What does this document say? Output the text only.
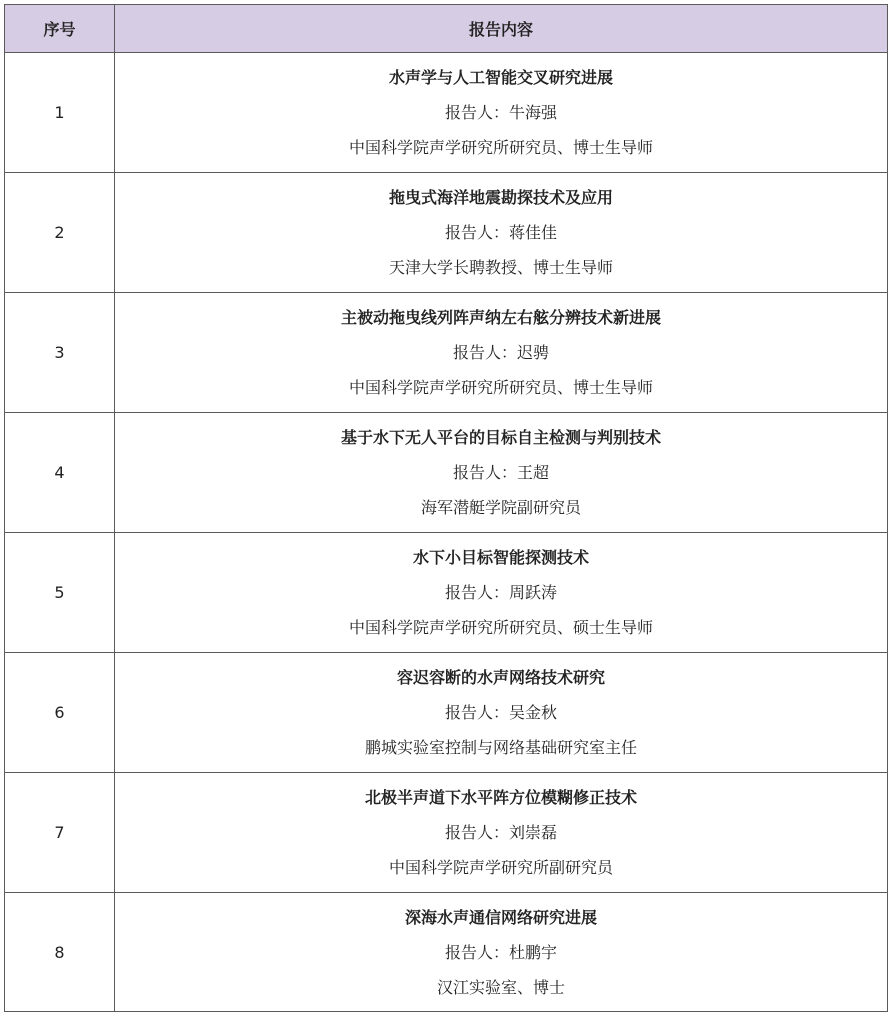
序号	报告内容
1	水声学与人工智能交叉研究进展
报告人：牛海强
中国科学院声学研究所研究员、博士生导师

2	拖曳式海洋地震勘探技术及应用
报告人：蒋佳佳
天津大学长聘教授、博士生导师

3	主被动拖曳线列阵声纳左右舷分辨技术新进展
报告人：迟骋
中国科学院声学研究所研究员、博士生导师

4	基于水下无人平台的目标自主检测与判别技术
报告人：王超
海军潜艇学院副研究员

5	水下小目标智能探测技术
报告人：周跃涛
中国科学院声学研究所研究员、硕士生导师

6	容迟容断的水声网络技术研究
报告人：吴金秋
鹏城实验室控制与网络基础研究室主任

7	北极半声道下水平阵方位模糊修正技术
报告人：刘崇磊
中国科学院声学研究所副研究员

8	深海水声通信网络研究进展
报告人：杜鹏宇
汉江实验室、博士
